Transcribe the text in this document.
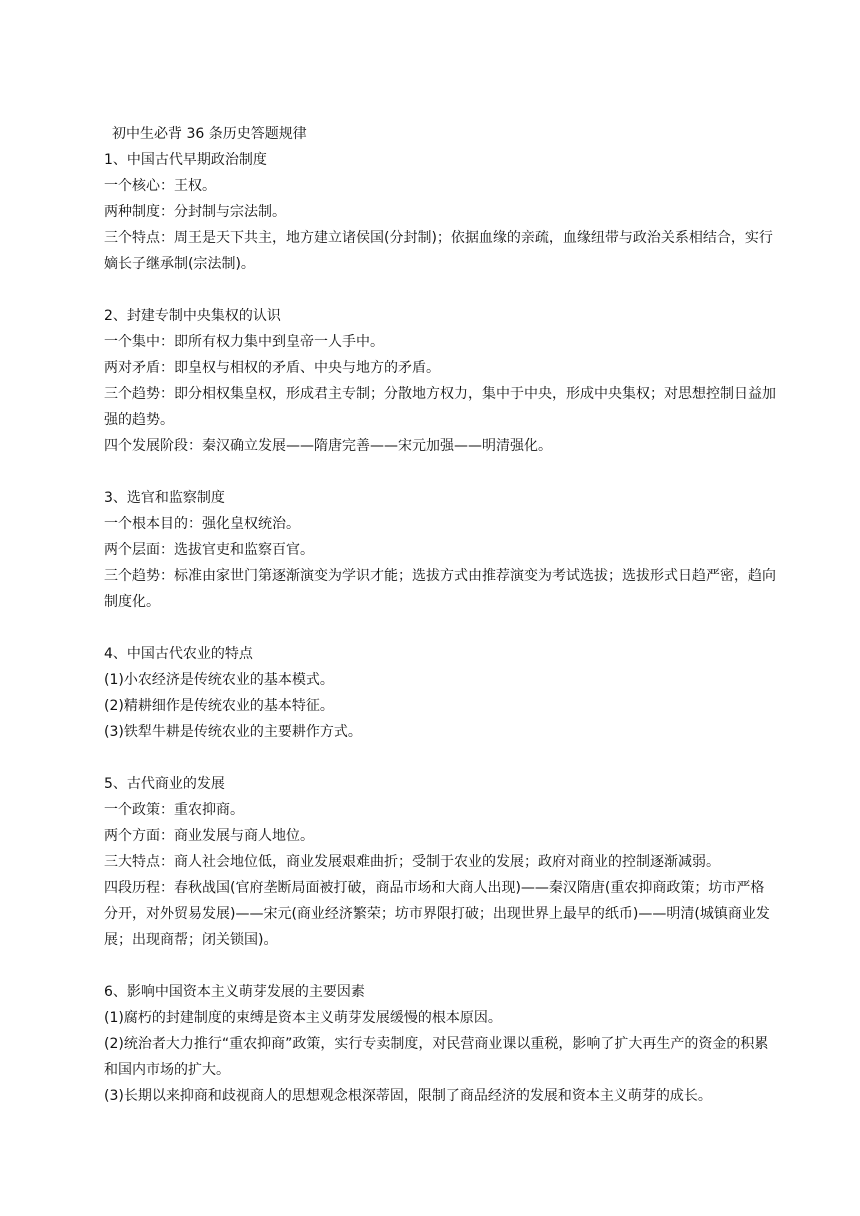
初中生必背 36 条历史答题规律

1、中国古代早期政治制度

一个核心：王权。

两种制度：分封制与宗法制。

三个特点：周王是天下共主，地方建立诸侯国(分封制)；依据血缘的亲疏，血缘纽带与政治关系相结合，实行嫡长子继承制(宗法制)。

2、封建专制中央集权的认识

一个集中：即所有权力集中到皇帝一人手中。

两对矛盾：即皇权与相权的矛盾、中央与地方的矛盾。

三个趋势：即分相权集皇权，形成君主专制；分散地方权力，集中于中央，形成中央集权；对思想控制日益加强的趋势。

四个发展阶段：秦汉确立发展——隋唐完善——宋元加强——明清强化。

3、选官和监察制度

一个根本目的：强化皇权统治。

两个层面：选拔官吏和监察百官。

三个趋势：标准由家世门第逐渐演变为学识才能；选拔方式由推荐演变为考试选拔；选拔形式日趋严密，趋向制度化。

4、中国古代农业的特点

(1)小农经济是传统农业的基本模式。

(2)精耕细作是传统农业的基本特征。

(3)铁犁牛耕是传统农业的主要耕作方式。

5、古代商业的发展

一个政策：重农抑商。

两个方面：商业发展与商人地位。

三大特点：商人社会地位低，商业发展艰难曲折；受制于农业的发展；政府对商业的控制逐渐减弱。

四段历程：春秋战国(官府垄断局面被打破，商品市场和大商人出现)——秦汉隋唐(重农抑商政策；坊市严格分开，对外贸易发展)——宋元(商业经济繁荣；坊市界限打破；出现世界上最早的纸币)——明清(城镇商业发展；出现商帮；闭关锁国)。

6、影响中国资本主义萌芽发展的主要因素

(1)腐朽的封建制度的束缚是资本主义萌芽发展缓慢的根本原因。

(2)统治者大力推行“重农抑商”政策，实行专卖制度，对民营商业课以重税，影响了扩大再生产的资金的积累和国内市场的扩大。

(3)长期以来抑商和歧视商人的思想观念根深蒂固，限制了商品经济的发展和资本主义萌芽的成长。
